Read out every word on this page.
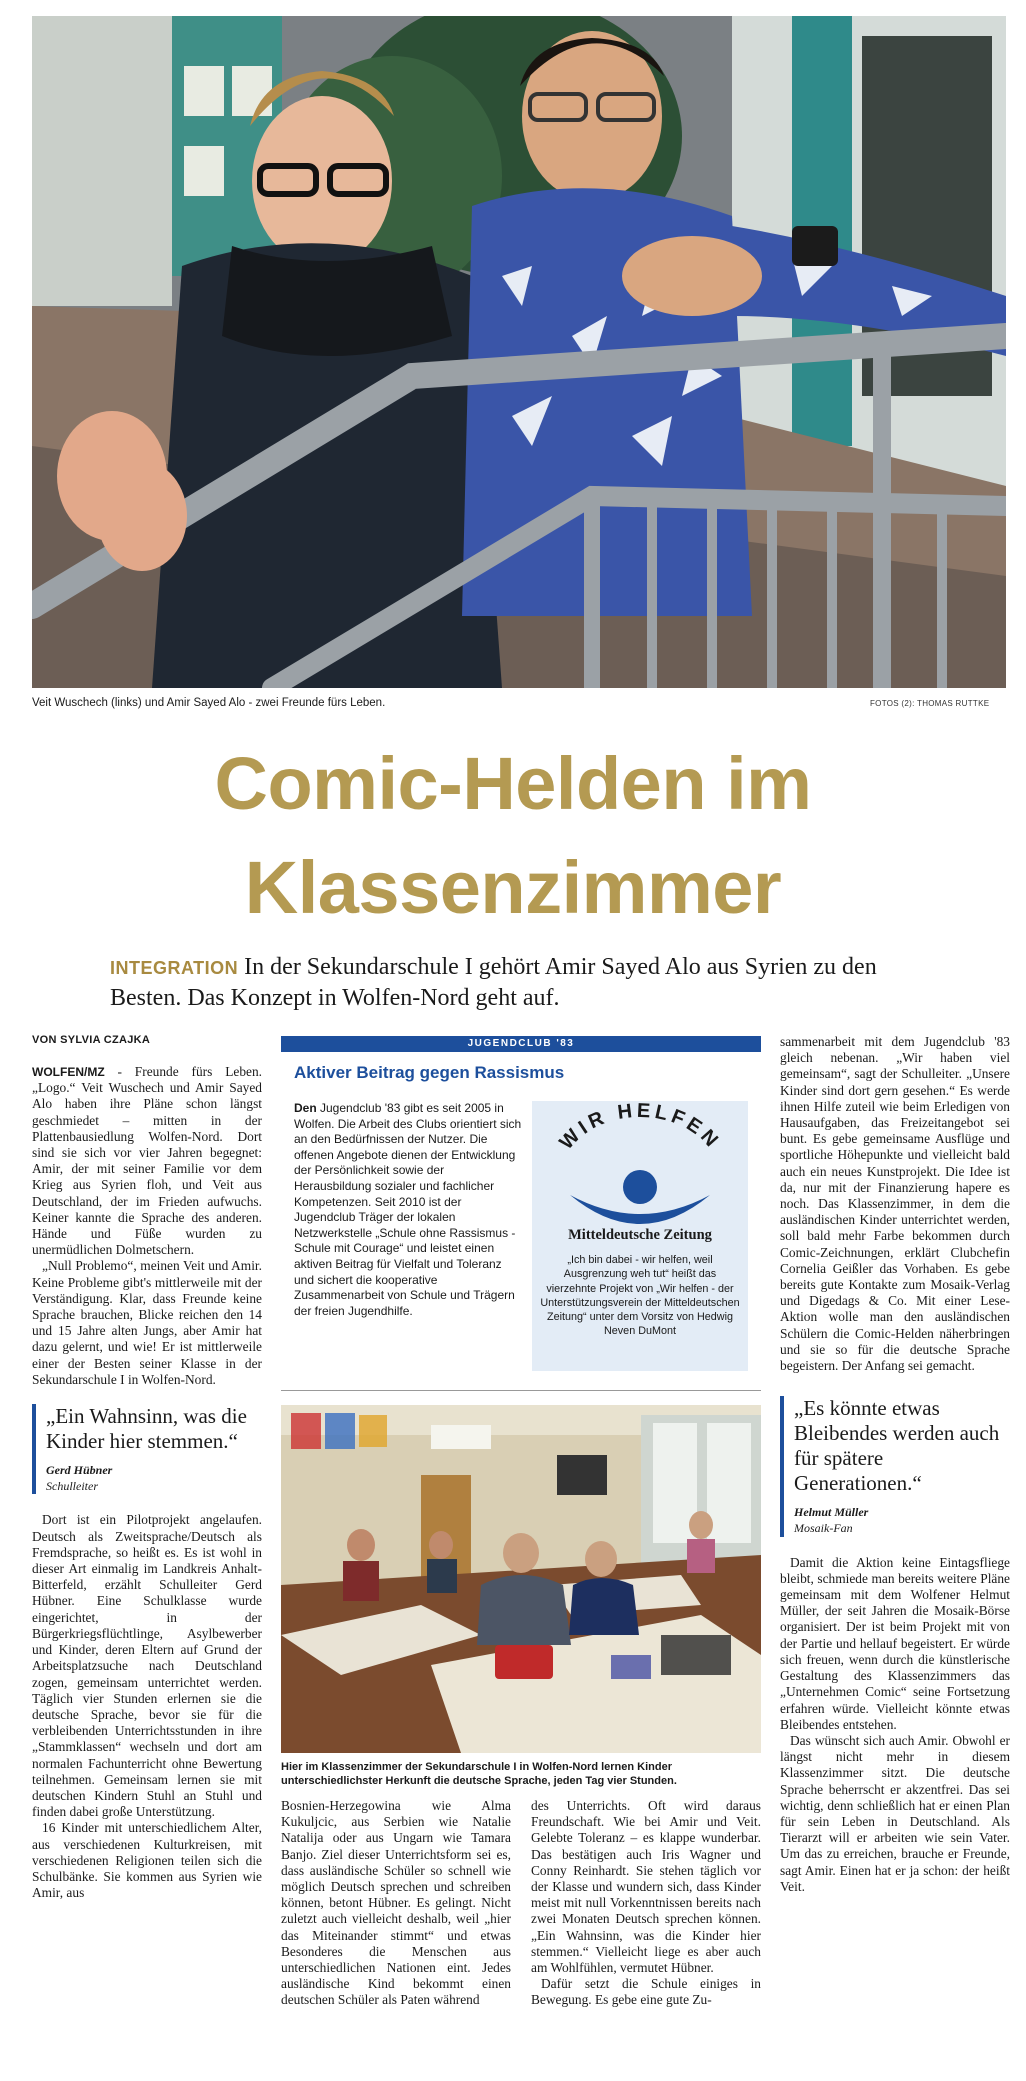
Veit Wuschech (links) und Amir Sayed Alo - zwei Freunde fürs Leben.	FOTOS (2): THOMAS RUTTKE
Comic-Helden im
Klassenzimmer
INTEGRATION In der Sekundarschule I gehört Amir Sayed Alo aus Syrien zu den Besten. Das Konzept in Wolfen-Nord geht auf.
VON SYLVIA CZAJKA

WOLFEN/MZ - Freunde fürs Leben. „Logo.“ Veit Wuschech und Amir Sayed Alo haben ihre Pläne schon längst geschmiedet – mitten in der Plattenbausiedlung Wolfen-Nord. Dort sind sie sich vor vier Jahren begegnet: Amir, der mit seiner Familie vor dem Krieg aus Syrien floh, und Veit aus Deutschland, der im Frieden aufwuchs. Keiner kannte die Sprache des anderen. Hände und Füße wurden zu unermüdlichen Dolmetschern.

„Null Problemo“, meinen Veit und Amir. Keine Probleme gibt's mittlerweile mit der Verständigung. Klar, dass Freunde keine Sprache brauchen, Blicke reichen den 14 und 15 Jahre alten Jungs, aber Amir hat dazu gelernt, und wie! Er ist mittlerweile einer der Besten seiner Klasse in der Sekundarschule I in Wolfen-Nord.

„Ein Wahnsinn, was die Kinder hier stemmen.“
Gerd Hübner
Schulleiter

Dort ist ein Pilotprojekt angelaufen. Deutsch als Zweitsprache/Deutsch als Fremdsprache, so heißt es. Es ist wohl in dieser Art einmalig im Landkreis Anhalt-Bitterfeld, erzählt Schulleiter Gerd Hübner. Eine Schulklasse wurde eingerichtet, in der Bürgerkriegsflüchtlinge, Asylbewerber und Kinder, deren Eltern auf Grund der Arbeitsplatzsuche nach Deutschland zogen, gemeinsam unterrichtet werden. Täglich vier Stunden erlernen sie die deutsche Sprache, bevor sie für die verbleibenden Unterrichtsstunden in ihre „Stammklassen“ wechseln und dort am normalen Fachunterricht ohne Bewertung teilnehmen. Gemeinsam lernen sie mit deutschen Kindern Stuhl an Stuhl und finden dabei große Unterstützung.

16 Kinder mit unterschiedlichem Alter, aus verschiedenen Kulturkreisen, mit verschiedenen Religionen teilen sich die Schulbänke. Sie kommen aus Syrien wie Amir, aus

JUGENDCLUB '83
Aktiver Beitrag gegen Rassismus
Den Jugendclub '83 gibt es seit 2005 in Wolfen. Die Arbeit des Clubs orientiert sich an den Bedürfnissen der Nutzer. Die offenen Angebote dienen der Entwicklung der Persönlichkeit sowie der Herausbildung sozialer und fachlicher Kompetenzen. Seit 2010 ist der Jugendclub Träger der lokalen Netzwerkstelle „Schule ohne Rassismus - Schule mit Courage“ und leistet einen aktiven Beitrag für Vielfalt und Toleranz und sichert die kooperative Zusammenarbeit von Schule und Trägern der freien Jugendhilfe.
WIR HELFEN
Mitteldeutsche Zeitung
„Ich bin dabei - wir helfen, weil Ausgrenzung weh tut“ heißt das vierzehnte Projekt von „Wir helfen - der Unterstützungsverein der Mitteldeutschen Zeitung“ unter dem Vorsitz von Hedwig Neven DuMont
Hier im Klassenzimmer der Sekundarschule I in Wolfen-Nord lernen Kinder unterschiedlichster Herkunft die deutsche Sprache, jeden Tag vier Stunden.

Bosnien-Herzegowina wie Alma Kukuljcic, aus Serbien wie Natalie Natalija oder aus Ungarn wie Tamara Banjo. Ziel dieser Unterrichtsform sei es, dass ausländische Schüler so schnell wie möglich Deutsch sprechen und schreiben können, betont Hübner. Es gelingt. Nicht zuletzt auch vielleicht deshalb, weil „hier das Miteinander stimmt“ und etwas Besonderes die Menschen aus unterschiedlichen Nationen eint. Jedes ausländische Kind bekommt einen deutschen Schüler als Paten während

des Unterrichts. Oft wird daraus Freundschaft. Wie bei Amir und Veit. Gelebte Toleranz – es klappe wunderbar. Das bestätigen auch Iris Wagner und Conny Reinhardt. Sie stehen täglich vor der Klasse und wundern sich, dass Kinder meist mit null Vorkenntnissen bereits nach zwei Monaten Deutsch sprechen können. „Ein Wahnsinn, was die Kinder hier stemmen.“ Vielleicht liege es aber auch am Wohlfühlen, vermutet Hübner.

Dafür setzt die Schule einiges in Bewegung. Es gebe eine gute Zu-

sammenarbeit mit dem Jugendclub '83 gleich nebenan. „Wir haben viel gemeinsam“, sagt der Schulleiter. „Unsere Kinder sind dort gern gesehen.“ Es werde ihnen Hilfe zuteil wie beim Erledigen von Hausaufgaben, das Freizeitangebot sei bunt. Es gebe gemeinsame Ausflüge und sportliche Höhepunkte und vielleicht bald auch ein neues Kunstprojekt. Die Idee ist da, nur mit der Finanzierung hapere es noch. Das Klassenzimmer, in dem die ausländischen Kinder unterrichtet werden, soll bald mehr Farbe bekommen durch Comic-Zeichnungen, erklärt Clubchefin Cornelia Geißler das Vorhaben. Es gebe bereits gute Kontakte zum Mosaik-Verlag und Digedags & Co. Mit einer Lese-Aktion wolle man den ausländischen Schülern die Comic-Helden näherbringen und sie so für die deutsche Sprache begeistern. Der Anfang sei gemacht.

„Es könnte etwas Bleibendes werden auch für spätere Generationen.“
Helmut Müller
Mosaik-Fan

Damit die Aktion keine Eintagsfliege bleibt, schmiede man bereits weitere Pläne gemeinsam mit dem Wolfener Helmut Müller, der seit Jahren die Mosaik-Börse organisiert. Der ist beim Projekt mit von der Partie und hellauf begeistert. Er würde sich freuen, wenn durch die künstlerische Gestaltung des Klassenzimmers das „Unternehmen Comic“ seine Fortsetzung erfahren würde. Vielleicht könnte etwas Bleibendes entstehen.

Das wünscht sich auch Amir. Obwohl er längst nicht mehr in diesem Klassenzimmer sitzt. Die deutsche Sprache beherrscht er akzentfrei. Das sei wichtig, denn schließlich hat er einen Plan für sein Leben in Deutschland. Als Tierarzt will er arbeiten wie sein Vater. Um das zu erreichen, brauche er Freunde, sagt Amir. Einen hat er ja schon: der heißt Veit.
